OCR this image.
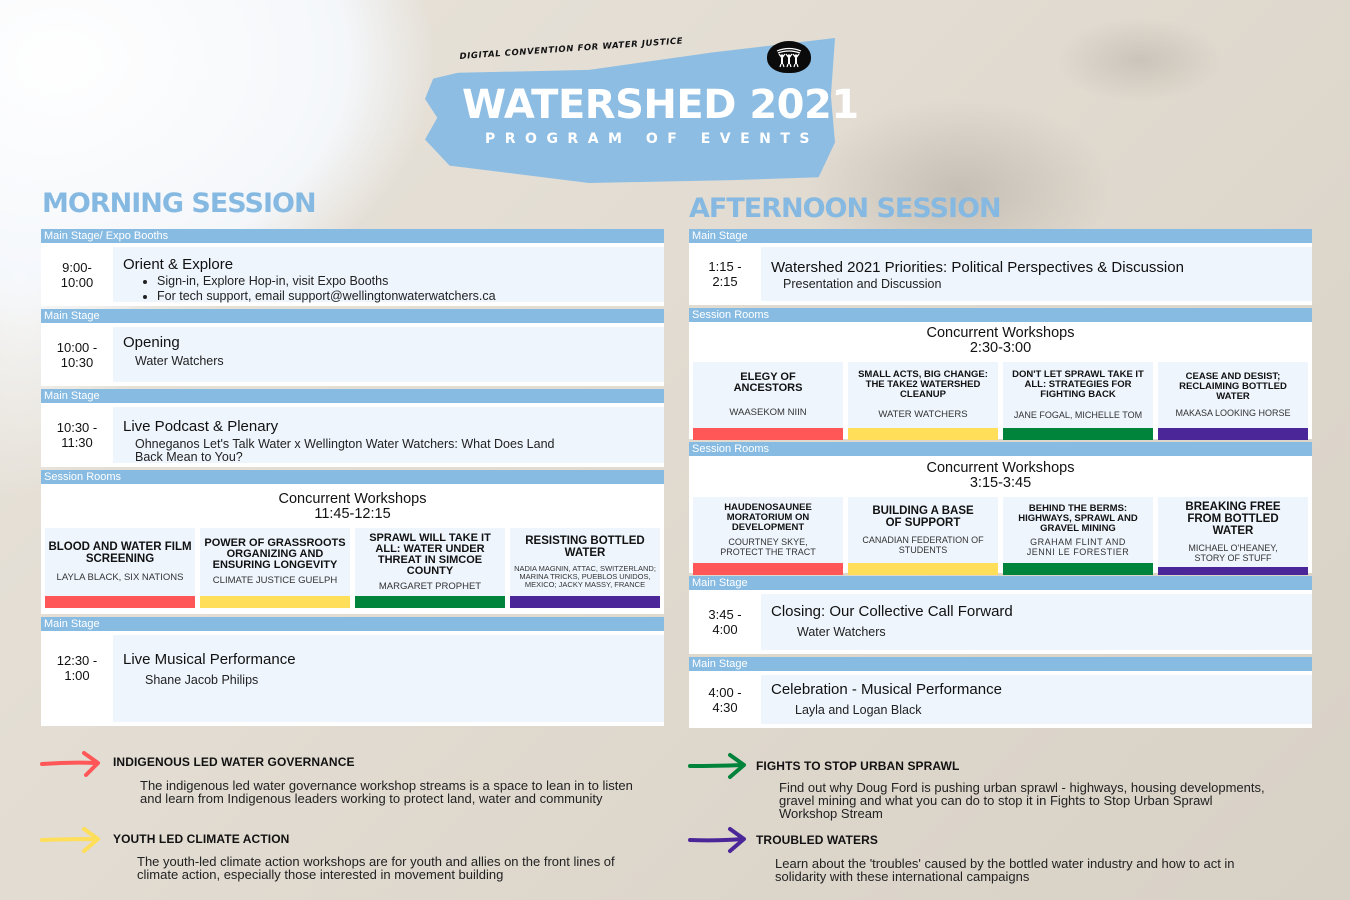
DIGITAL CONVENTION FOR WATER JUSTICE
WATERSHED 2021
PROGRAM OF EVENTS
MORNING SESSION
Main Stage/ Expo Booths
9:00- 10:00
Orient & Explore
• Sign-in, Explore Hop-in, visit Expo Booths
• For tech support, email support@wellingtonwaterwatchers.ca
Main Stage
10:00 - 10:30
Opening
Water Watchers
Main Stage
10:30 - 11:30
Live Podcast & Plenary
Ohneganos Let's Talk Water x Wellington Water Watchers: What Does Land Back Mean to You?
Session Rooms
Concurrent Workshops
11:45-12:15
BLOOD AND WATER FILM SCREENING
LAYLA BLACK, SIX NATIONS
POWER OF GRASSROOTS ORGANIZING AND ENSURING LONGEVITY
CLIMATE JUSTICE GUELPH
SPRAWL WILL TAKE IT ALL: WATER UNDER THREAT IN SIMCOE COUNTY
MARGARET PROPHET
RESISTING BOTTLED WATER
NADIA MAGNIN, ATTAC, SWITZERLAND; MARINA TRICKS, PUEBLOS UNIDOS, MEXICO; JACKY MASSY, FRANCE
Main Stage
12:30 - 1:00
Live Musical Performance
Shane Jacob Philips
AFTERNOON SESSION
Main Stage
1:15 - 2:15
Watershed 2021 Priorities: Political Perspectives & Discussion
Presentation and Discussion
Session Rooms
Concurrent Workshops
2:30-3:00
ELEGY OF ANCESTORS
WAASEKOM NIIN
SMALL ACTS, BIG CHANGE: THE TAKE2 WATERSHED CLEANUP
WATER WATCHERS
DON'T LET SPRAWL TAKE IT ALL: STRATEGIES FOR FIGHTING BACK
JANE FOGAL, MICHELLE TOM
CEASE AND DESIST; RECLAIMING BOTTLED WATER
MAKASA LOOKING HORSE
Session Rooms
Concurrent Workshops
3:15-3:45
HAUDENOSAUNEE MORATORIUM ON DEVELOPMENT
COURTNEY SKYE, PROTECT THE TRACT
BUILDING A BASE OF SUPPORT
CANADIAN FEDERATION OF STUDENTS
BEHIND THE BERMS: HIGHWAYS, SPRAWL AND GRAVEL MINING
GRAHAM FLINT AND JENNI LE FORESTIER
BREAKING FREE FROM BOTTLED WATER
MICHAEL O'HEANEY, STORY OF STUFF
Main Stage
3:45 - 4:00
Closing: Our Collective Call Forward
Water Watchers
Main Stage
4:00 - 4:30
Celebration - Musical Performance
Layla and Logan Black
INDIGENOUS LED WATER GOVERNANCE
The indigenous led water governance workshop streams is a space to lean in to listen and learn from Indigenous leaders working to protect land, water and community
YOUTH LED CLIMATE ACTION
The youth-led climate action workshops are for youth and allies on the front lines of climate action, especially those interested in movement building
FIGHTS TO STOP URBAN SPRAWL
Find out why Doug Ford is pushing urban sprawl - highways, housing developments, gravel mining and what you can do to stop it in Fights to Stop Urban Sprawl Workshop Stream
TROUBLED WATERS
Learn about the 'troubles' caused by the bottled water industry and how to act in solidarity with these international campaigns
